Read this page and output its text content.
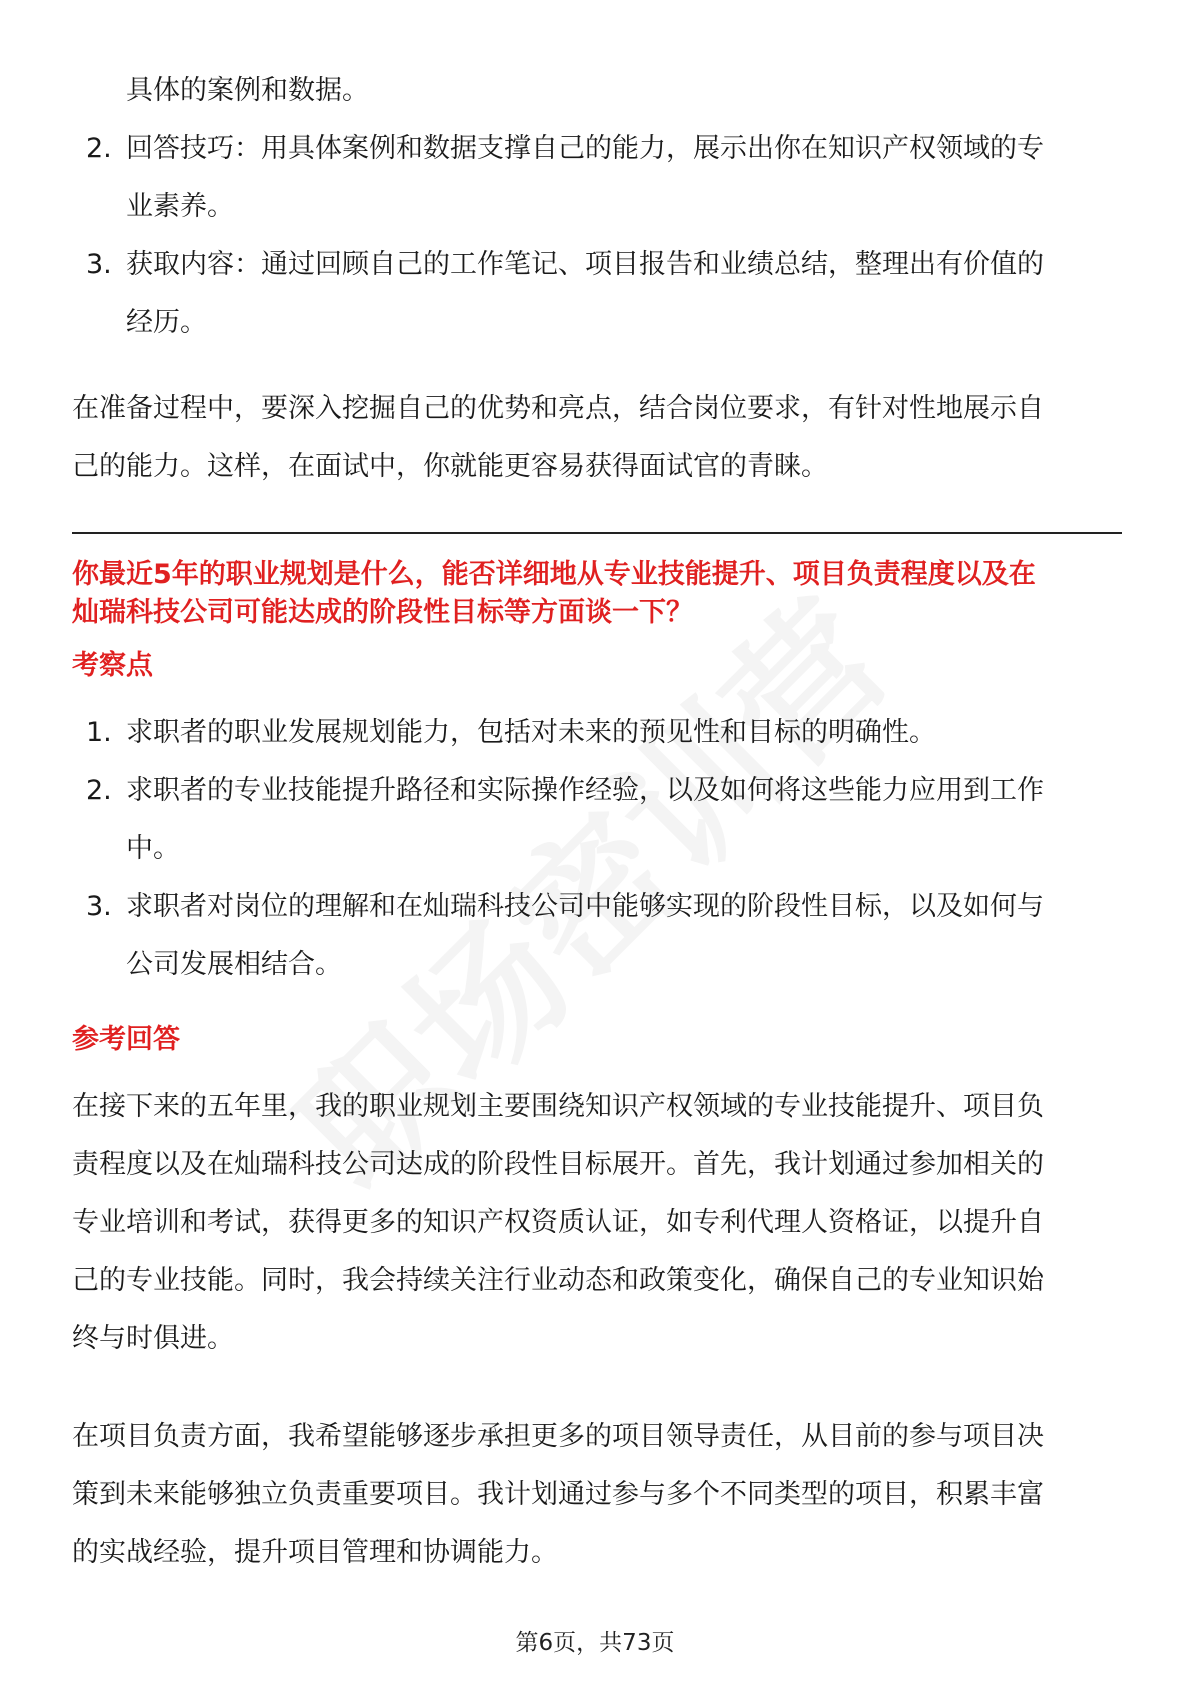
具体的案例和数据。
2. 回答技巧：用具体案例和数据支撑自己的能力，展示出你在知识产权领域的专
业素养。
3. 获取内容：通过回顾自己的工作笔记、项目报告和业绩总结，整理出有价值的
经历。
在准备过程中，要深入挖掘自己的优势和亮点，结合岗位要求，有针对性地展示自
己的能力。这样，在面试中，你就能更容易获得面试官的青睐。
你最近5年的职业规划是什么，能否详细地从专业技能提升、项目负责程度以及在
灿瑞科技公司可能达成的阶段性目标等方面谈一下？
考察点
1. 求职者的职业发展规划能力，包括对未来的预见性和目标的明确性。
2. 求职者的专业技能提升路径和实际操作经验，以及如何将这些能力应用到工作
中。
3. 求职者对岗位的理解和在灿瑞科技公司中能够实现的阶段性目标，以及如何与
公司发展相结合。
参考回答
在接下来的五年里，我的职业规划主要围绕知识产权领域的专业技能提升、项目负
责程度以及在灿瑞科技公司达成的阶段性目标展开。首先，我计划通过参加相关的
专业培训和考试，获得更多的知识产权资质认证，如专利代理人资格证，以提升自
己的专业技能。同时，我会持续关注行业动态和政策变化，确保自己的专业知识始
终与时俱进。
在项目负责方面，我希望能够逐步承担更多的项目领导责任，从目前的参与项目决
策到未来能够独立负责重要项目。我计划通过参与多个不同类型的项目，积累丰富
的实战经验，提升项目管理和协调能力。
第6页，共73页
